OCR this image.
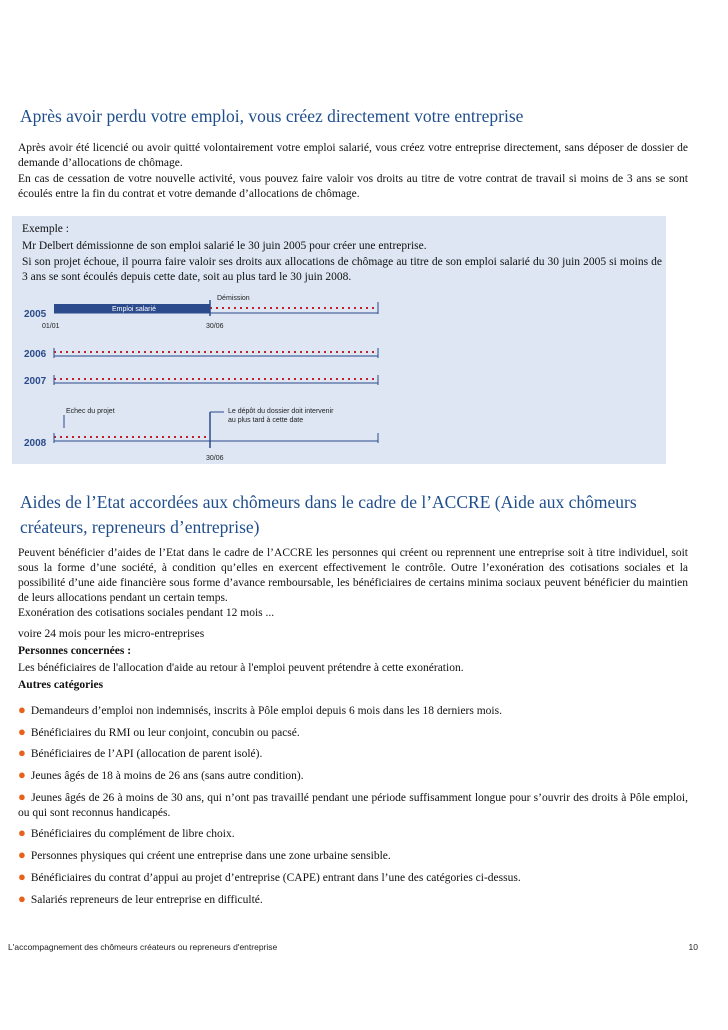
Après avoir perdu votre emploi, vous créez directement votre entreprise
Après avoir été licencié ou avoir quitté volontairement votre emploi salarié, vous créez votre entreprise directement, sans déposer de dossier de demande d’allocations de chômage.
En cas de cessation de votre nouvelle activité, vous pouvez faire valoir vos droits au titre de votre contrat de travail si moins de 3 ans se sont écoulés entre la fin du contrat et votre demande d’allocations de chômage.
Exemple :
Mr Delbert démissionne de son emploi salarié le 30 juin 2005 pour créer une entreprise.
Si son projet échoue, il pourra faire valoir ses droits aux allocations de chômage au titre de son emploi salarié du 30 juin 2005 si moins de 3 ans se sont écoulés depuis cette date, soit au plus tard le 30 juin 2008.
2005	Emploi salarié
Démission
01/01	30/06
2006
2007
Echec du projet	Le dépôt du dossier doit intervenir
au plus tard à cette date
2008
30/06
Aides de l’Etat accordées aux chômeurs dans le cadre de l’ACCRE (Aide aux chômeurs créateurs, repreneurs d’entreprise)
Peuvent bénéficier d’aides de l’Etat dans le cadre de l’ACCRE les personnes qui créent ou reprennent une entreprise soit à titre individuel, soit sous la forme d’une société, à condition qu’elles en exercent effectivement le contrôle. Outre l’exonération des cotisations sociales et la possibilité d’une aide financière sous forme d’avance remboursable, les bénéficiaires de certains minima sociaux peuvent bénéficier du maintien de leurs allocations pendant un certain temps.
Exonération des cotisations sociales pendant 12 mois ...
voire 24 mois pour les micro-entreprises
Personnes concernées :
Les bénéficiaires de l'allocation d'aide au retour à l'emploi peuvent prétendre à cette exonération.
Autres catégories
● Demandeurs d’emploi non indemnisés, inscrits à Pôle emploi depuis 6 mois dans les 18 derniers mois.
● Bénéficiaires du RMI ou leur conjoint, concubin ou pacsé.
● Bénéficiaires de l’API (allocation de parent isolé).
● Jeunes âgés de 18 à moins de 26 ans (sans autre condition).
● Jeunes âgés de 26 à moins de 30 ans, qui n’ont pas travaillé pendant une période suffisamment longue pour s’ouvrir des droits à Pôle emploi, ou qui sont reconnus handicapés.
● Bénéficiaires du complément de libre choix.
● Personnes physiques qui créent une entreprise dans une zone urbaine sensible.
● Bénéficiaires du contrat d’appui au projet d’entreprise (CAPE) entrant dans l’une des catégories ci-dessus.
● Salariés repreneurs de leur entreprise en difficulté.
L'accompagnement des chômeurs créateurs ou repreneurs d'entreprise	10
